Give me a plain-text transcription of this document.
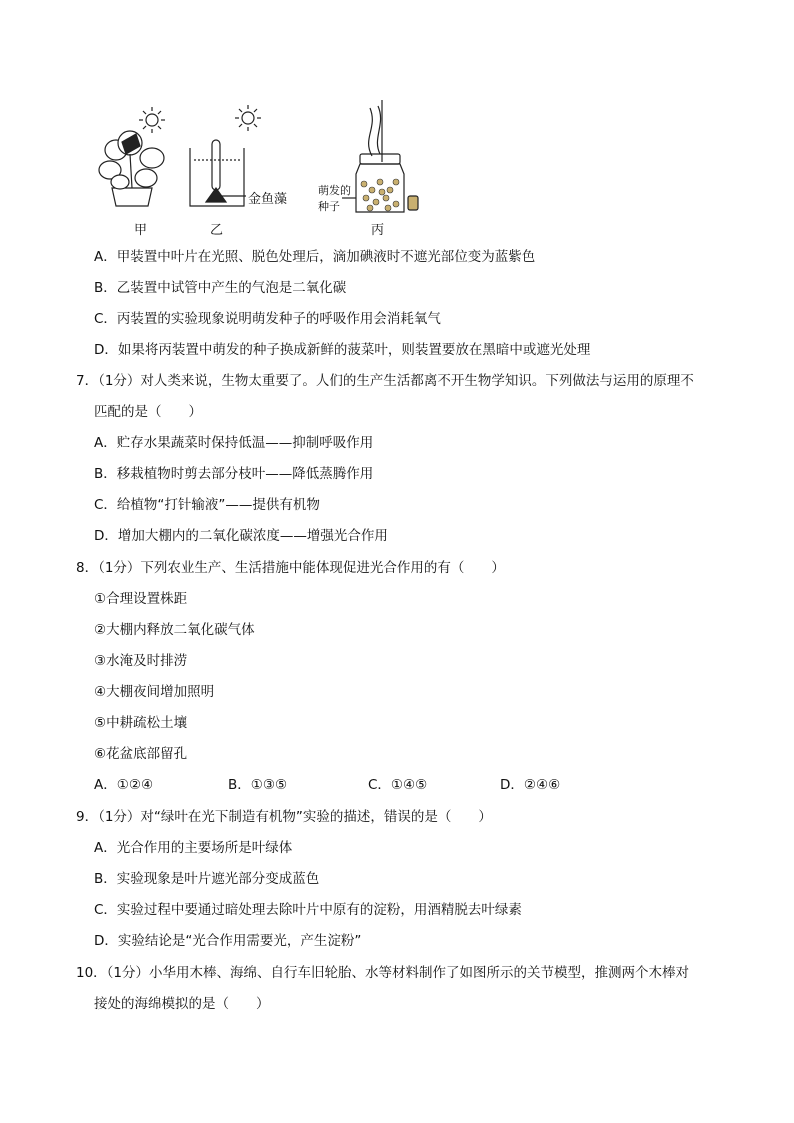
甲	乙	丙
金鱼藻
萌发的
种子
A．甲装置中叶片在光照、脱色处理后，滴加碘液时不遮光部位变为蓝紫色
B．乙装置中试管中产生的气泡是二氧化碳
C．丙装置的实验现象说明萌发种子的呼吸作用会消耗氧气
D．如果将丙装置中萌发的种子换成新鲜的菠菜叶，则装置要放在黑暗中或遮光处理
7．（1分）对人类来说，生物太重要了。人们的生产生活都离不开生物学知识。下列做法与运用的原理不
匹配的是（　　）
A．贮存水果蔬菜时保持低温——抑制呼吸作用
B．移栽植物时剪去部分枝叶——降低蒸腾作用
C．给植物“打针输液”——提供有机物
D．增加大棚内的二氧化碳浓度——增强光合作用
8．（1分）下列农业生产、生活措施中能体现促进光合作用的有（　　）
①合理设置株距
②大棚内释放二氧化碳气体
③水淹及时排涝
④大棚夜间增加照明
⑤中耕疏松土壤
⑥花盆底部留孔
A．①②④	B．①③⑤	C．①④⑤	D．②④⑥
9．（1分）对“绿叶在光下制造有机物”实验的描述，错误的是（　　）
A．光合作用的主要场所是叶绿体
B．实验现象是叶片遮光部分变成蓝色
C．实验过程中要通过暗处理去除叶片中原有的淀粉，用酒精脱去叶绿素
D．实验结论是“光合作用需要光，产生淀粉”
10．（1分）小华用木棒、海绵、自行车旧轮胎、水等材料制作了如图所示的关节模型，推测两个木棒对
接处的海绵模拟的是（　　）
